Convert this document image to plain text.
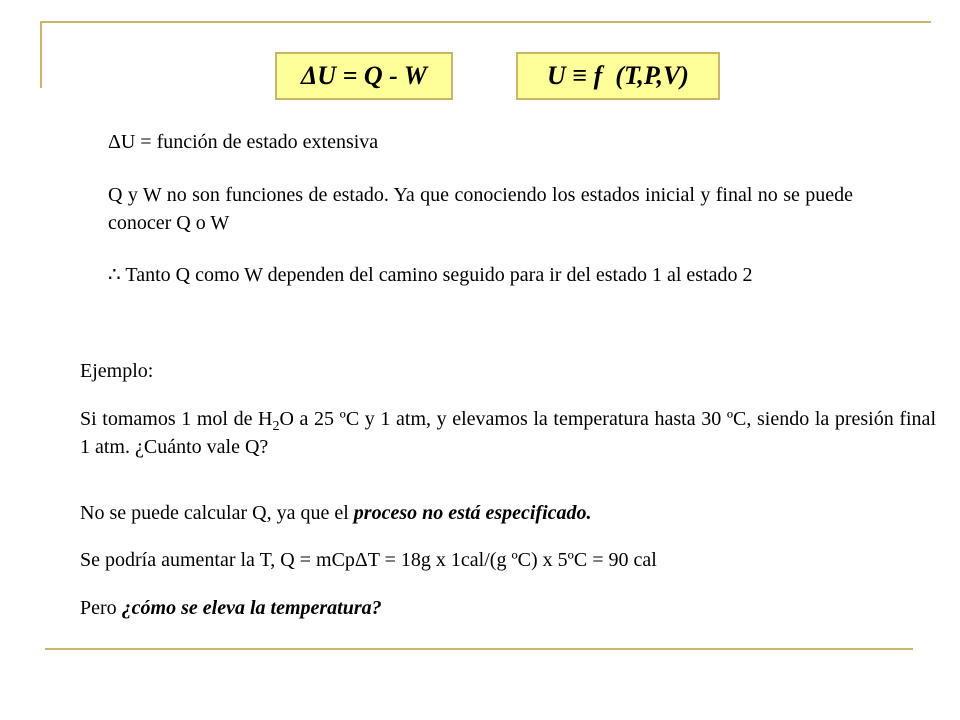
ΔU = Q - W	U ≡ f  (T,P,V)
ΔU = función de estado extensiva
Q y W no son funciones de estado. Ya que conociendo los estados inicial y final no se puede conocer Q o W
∴ Tanto Q como W dependen del camino seguido para ir del estado 1 al estado 2
Ejemplo:
Si tomamos 1 mol de $H_2O$ a 25 ºC y 1 atm, y elevamos la temperatura hasta 30 ºC, siendo la presión final 1 atm. ¿Cuánto vale Q?
No se puede calcular Q, ya que el proceso no está especificado.
Se podría aumentar la T, Q = mCpΔT = 18g x 1cal/(g ºC) x 5ºC = 90 cal
Pero ¿cómo se eleva la temperatura?
